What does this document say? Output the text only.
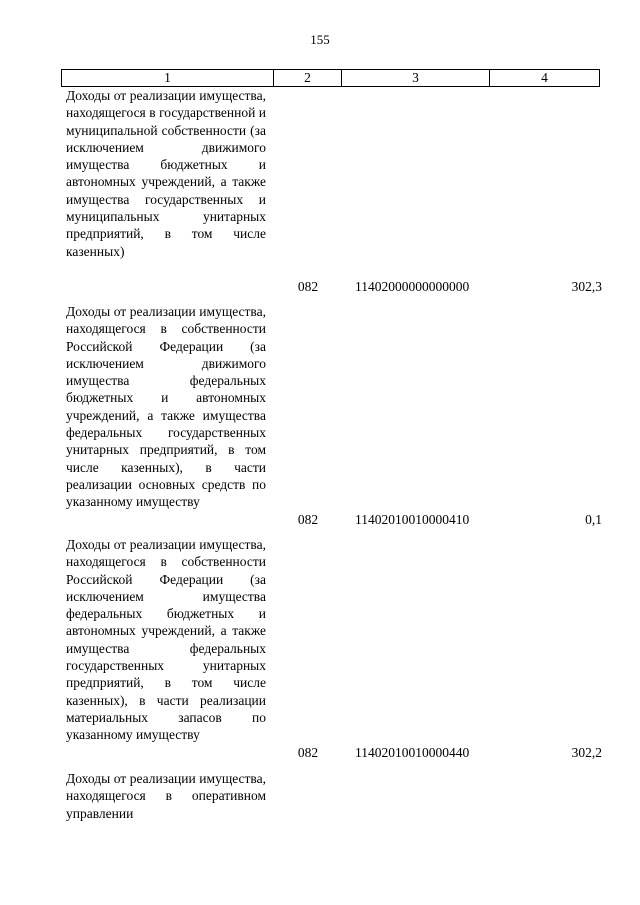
155
1	2	3	4
Доходы от реализации имущества, находящегося в государственной и муниципальной собственности (за исключением движимого имущества бюджетных и автономных учреждений, а также имущества государственных и муниципальных унитарных предприятий, в том числе казенных)
082	11402000000000000	302,3
Доходы от реализации имущества, находящегося в собственности Российской Федерации (за исключением движимого имущества федеральных бюджетных и автономных учреждений, а также имущества федеральных государственных унитарных предприятий, в том числе казенных), в части реализации основных средств по указанному имуществу
082	11402010010000410	0,1
Доходы от реализации имущества, находящегося в собственности Российской Федерации (за исключением имущества федеральных бюджетных и автономных учреждений, а также имущества федеральных государственных унитарных предприятий, в том числе казенных), в части реализации материальных запасов по указанному имуществу
082	11402010010000440	302,2
Доходы от реализации имущества, находящегося в оперативном управлении
